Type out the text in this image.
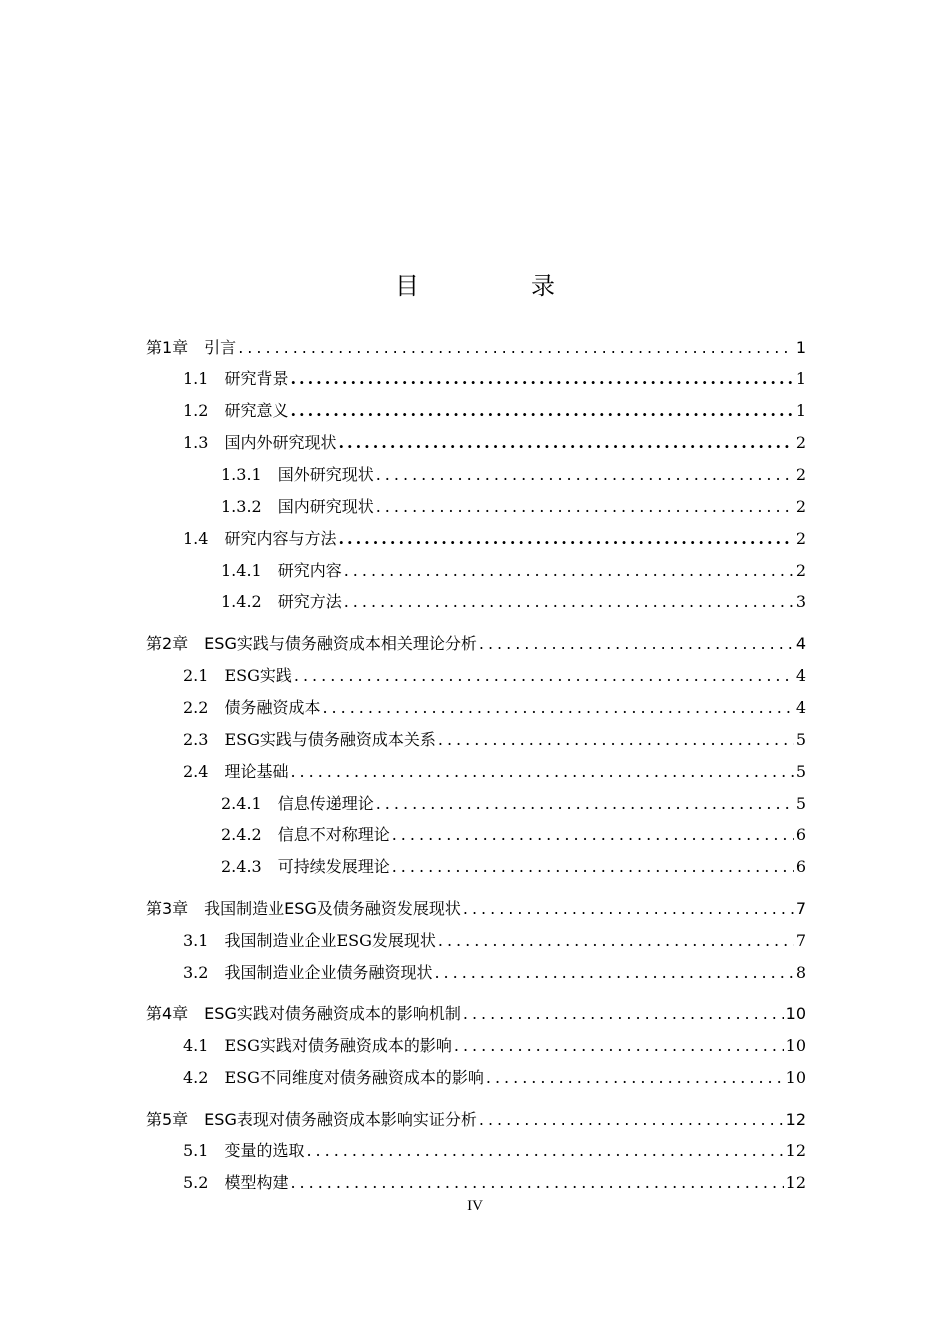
目　录
第1章　引言 .....	1
1.1　研究背景 .....	1
1.2　研究意义 .....	1
1.3　国内外研究现状 .....	2
1.3.1　国外研究现状 .....	2
1.3.2　国内研究现状 .....	2
1.4　研究内容与方法 .....	2
1.4.1　研究内容 .....	2
1.4.2　研究方法 .....	3
第2章　ESG实践与债务融资成本相关理论分析 .....	4
2.1　ESG实践 .....	4
2.2　债务融资成本 .....	4
2.3　ESG实践与债务融资成本关系 .....	5
2.4　理论基础 .....	5
2.4.1　信息传递理论 .....	5
2.4.2　信息不对称理论 .....	6
2.4.3　可持续发展理论 .....	6
第3章　我国制造业ESG及债务融资发展现状 .....	7
3.1　我国制造业企业ESG发展现状 .....	7
3.2　我国制造业企业债务融资现状 .....	8
第4章　ESG实践对债务融资成本的影响机制 .....	10
4.1　ESG实践对债务融资成本的影响 .....	10
4.2　ESG不同维度对债务融资成本的影响 .....	10
第5章　ESG表现对债务融资成本影响实证分析 .....	12
5.1　变量的选取 .....	12
5.2　模型构建 .....	12
IV
